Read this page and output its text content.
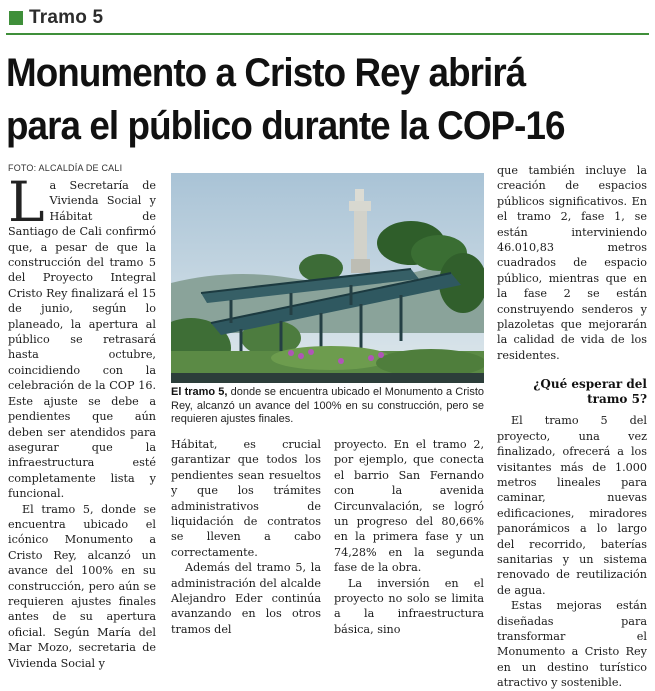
Tramo 5
Monumento a Cristo Rey abrirá
para el público durante la COP-16
FOTO: ALCALDÍA DE CALI

La Secretaría de Vivienda Social y Hábitat de Santiago de Cali confirmó que, a pesar de que la construcción del tramo 5 del Proyecto Integral Cristo Rey finalizará el 15 de junio, según lo planeado, la apertura al público se retrasará hasta octubre, coincidiendo con la celebración de la COP 16. Este ajuste se debe a pendientes que aún deben ser atendidos para asegurar que la infraestructura esté completamente lista y funcional.

El tramo 5, donde se encuentra ubicado el icónico Monumento a Cristo Rey, alcanzó un avance del 100% en su construcción, pero aún se requieren ajustes finales antes de su apertura oficial. Según María del Mar Mozo, secretaria de Vivienda Social y

El tramo 5, donde se encuentra ubicado el Monumento a Cristo Rey, alcanzó un avance del 100% en su construcción, pero se requieren ajustes finales.

Hábitat, es crucial garantizar que todos los pendientes sean resueltos y que los trámites administrativos de liquidación de contratos se lleven a cabo correctamente.

Además del tramo 5, la administración del alcalde Alejandro Eder continúa avanzando en los otros tramos del

proyecto. En el tramo 2, por ejemplo, que conecta el barrio San Fernando con la avenida Circunvalación, se logró un progreso del 80,66% en la primera fase y un 74,28% en la segunda fase de la obra.

La inversión en el proyecto no solo se limita a la infraestructura básica, sino

que también incluye la creación de espacios públicos significativos. En el tramo 2, fase 1, se están interviniendo 46.010,83 metros cuadrados de espacio público, mientras que en la fase 2 se están construyendo senderos y plazoletas que mejorarán la calidad de vida de los residentes.

¿Qué esperar del tramo 5?

El tramo 5 del proyecto, una vez finalizado, ofrecerá a los visitantes más de 1.000 metros lineales para caminar, nuevas edificaciones, miradores panorámicos a lo largo del recorrido, baterías sanitarias y un sistema renovado de reutilización de agua.

Estas mejoras están diseñadas para transformar el Monumento a Cristo Rey en un destino turístico atractivo y sostenible.
